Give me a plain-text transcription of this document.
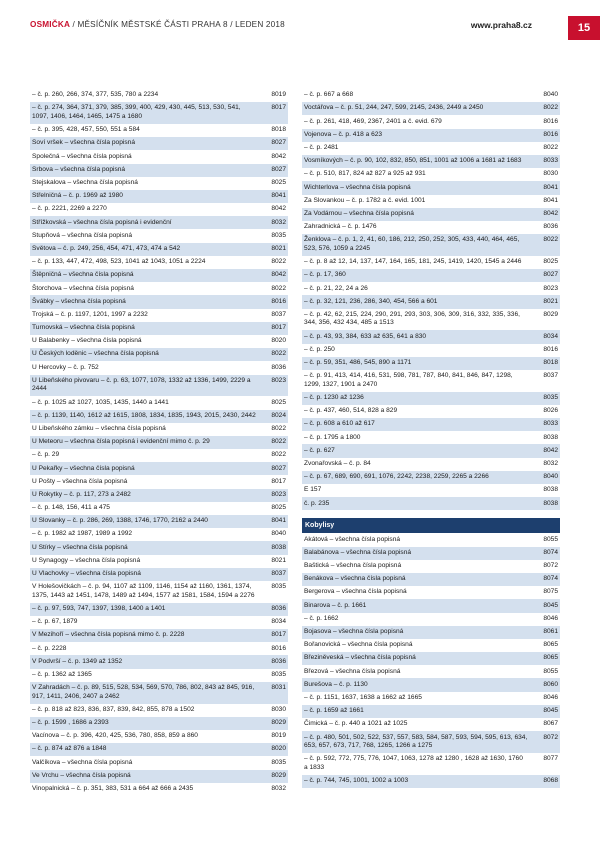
OSMIČKA / MĚSÍČNÍK MĚSTSKÉ ČÁSTI PRAHA 8 / LEDEN 2018	www.praha8.cz	15
– č. p. 260, 266, 374, 377, 535, 780 a 2234	8019
– č. p. 274, 364, 371, 379, 385, 399, 400, 429, 430, 445, 513, 530, 541, 1097, 1406, 1464, 1465, 1475 a 1680
8017
– č. p. 395, 428, 457, 550, 551 a 584	8018
Soví vršek – všechna čísla popisná	8027
Společná – všechna čísla popisná	8042
Srbova – všechna čísla popisná	8027
Stejskalova – všechna čísla popisná	8025
Střelničná – č. p. 1969 až 1980	8041
– č. p. 2221, 2269 a 2270	8042
Střížkovská – všechna čísla popisná i evidenční	8032
Stupňová – všechna čísla popisná	8035
Světova – č. p. 249, 256, 454, 471, 473, 474 a 542	8021
– č. p. 133, 447, 472, 498, 523, 1041 až 1043, 1051 a 2224	8022
Štěpničná – všechna čísla popisná	8042
Štorchova – všechna čísla popisná	8022
Švábky – všechna čísla popisná	8016
Trojská – č. p. 1197, 1201, 1997 a 2232	8037
Turnovská – všechna čísla popisná	8017
U Balabenky – všechna čísla popisná	8020
U Českých loděnic – všechna čísla popisná	8022
U Hercovky – č. p. 752	8036
U Libeňského pivovaru – č. p. 63, 1077, 1078, 1332 až 1336, 1499, 2229 a 2444
8023
– č. p. 1025 až 1027, 1035, 1435, 1440 a 1441	8025
– č. p. 1139, 1140, 1612 až 1615, 1808, 1834, 1835, 1943, 2015, 2430, 2442	8024
U Libeňského zámku – všechna čísla popisná	8022
U Meteoru – všechna čísla popisná i evidenční mimo č. p. 29	8022
– č. p. 29	8022
U Pekařky – všechna čísla popisná	8027
U Pošty – všechna čísla popisná	8017
U Rokytky – č. p. 117, 273 a 2482	8023
– č. p. 148, 156, 411 a 475	8025
U Slovanky – č. p. 286, 269, 1388, 1746, 1770, 2162 a 2440	8041
– č. p. 1982 až 1987, 1989 a 1992	8040
U Stírky – všechna čísla popisná	8038
U Synagogy – všechna čísla popisná	8021
U Vlachovky – všechna čísla popisná	8037
V Holešovičkách – č. p. 94, 1107 až 1109, 1146, 1154 až 1160, 1361, 1374, 1375, 1443 až 1451, 1478, 1489 až 1494, 1577 až 1581, 1584, 1594 a 2276
8035
– č. p. 97, 593, 747, 1397, 1398, 1400 a 1401	8036
– č. p. 67, 1879	8034
V Mezihoří – všechna čísla popisná mimo č. p. 2228	8017
– č. p. 2228	8016
V Podvrší – č. p. 1349 až 1352	8036
– č. p. 1362 až 1365	8035
V Zahradách – č. p. 89, 515, 528, 534, 569, 570, 786, 802, 843 až 845, 916, 917, 1411, 2406, 2407 a 2462
8031
– č. p. 818 až 823, 836, 837, 839, 842, 855, 878 a 1502	8030
– č. p. 1599 , 1686 a 2393	8029
Vacínova – č. p. 396, 420, 425, 536, 780, 858, 859 a 860	8019
– č. p. 874 až 876 a 1848	8020
Valčíkova – všechna čísla popisná	8035
Ve Vrchu – všechna čísla popisná	8029
Vinopalnická – č. p. 351, 383, 531 a 664 až 666 a 2435	8032
– č. p. 667 a 668	8040
Voctářova – č. p. 51, 244, 247, 599, 2145, 2436, 2449 a 2450	8022
– č. p. 261, 418, 469, 2367, 2401 a č. evid. 679	8016
Vojenova – č. p. 418 a 623	8016
– č. p. 2481	8022
Vosmíkových – č. p. 90, 102, 832, 850, 851, 1001 až 1006 a 1681 až 1683	8033
– č. p. 510, 817, 824 až 827 a 925 až 931	8030
Wichterlova – všechna čísla popisná	8041
Za Slovankou – č. p. 1782 a č. evid. 1001	8041
Za Vodárnou – všechna čísla popisná	8042
Zahradnická – č. p. 1476	8036
Ženklova – č. p. 1, 2, 41, 60, 186, 212, 250, 252, 305, 433, 440, 464, 465, 523, 576, 1059 a 2245
8022
– č. p. 8 až 12, 14, 137, 147, 164, 165, 181, 245, 1419, 1420, 1545 a 2446	8025
– č. p. 17, 360	8027
– č. p. 21, 22, 24 a 26	8023
– č. p. 32, 121, 236, 286, 340, 454, 566 a 601	8021
– č. p. 42, 62, 215, 224, 290, 291, 293, 303, 306, 309, 316, 332, 335, 336, 344, 356, 432 434, 485 a 1513
8029
– č. p. 43, 93, 384, 633 až 635, 641 a 830	8034
– č. p. 250	8016
– č. p. 59, 351, 486, 545, 890 a 1171	8018
– č. p. 91, 413, 414, 416, 531, 598, 781, 787, 840, 841, 846, 847, 1298, 1299, 1327, 1901 a 2470
8037
– č. p. 1230 až 1236	8035
– č. p. 437, 460, 514, 828 a 829	8026
– č. p. 608 a 610 až 617	8033
– č. p. 1795 a 1800	8038
– č. p. 627	8042
Zvonařovská – č. p. 84	8032
– č. p. 67, 689, 690, 691, 1076, 2242, 2238, 2259, 2265 a 2266	8040
E 157	8038
č. p. 235	8038
Kobylisy
Akátová – všechna čísla popisná	8055
Balabánova – všechna čísla popisná	8074
Baštická – všechna čísla popisná	8072
Benákova – všechna čísla popisná	8074
Bergerova – všechna čísla popisná	8075
Binarova – č. p. 1661	8045
– č. p. 1662	8046
Bojasova – všechna čísla popisná	8061
Bořanovická – všechna čísla popisná	8065
Březiněveská – všechna čísla popisná	8065
Březová – všechna čísla popisná	8055
Burešova – č. p. 1130	8060
– č. p. 1151, 1637, 1638 a 1662 až 1665	8046
– č. p. 1659 až 1661	8045
Čimická – č. p. 440 a 1021 až 1025	8067
– č. p. 480, 501, 502, 522, 537, 557, 583, 584, 587, 593, 594, 595, 613, 634, 653, 657, 673, 717, 768, 1265, 1266 a 1275
8072
– č. p. 592, 772, 775, 776, 1047, 1063, 1278 až 1280 , 1628 až 1630, 1760 a 1833
8077
– č. p. 744, 745, 1001, 1002 a 1003	8068
